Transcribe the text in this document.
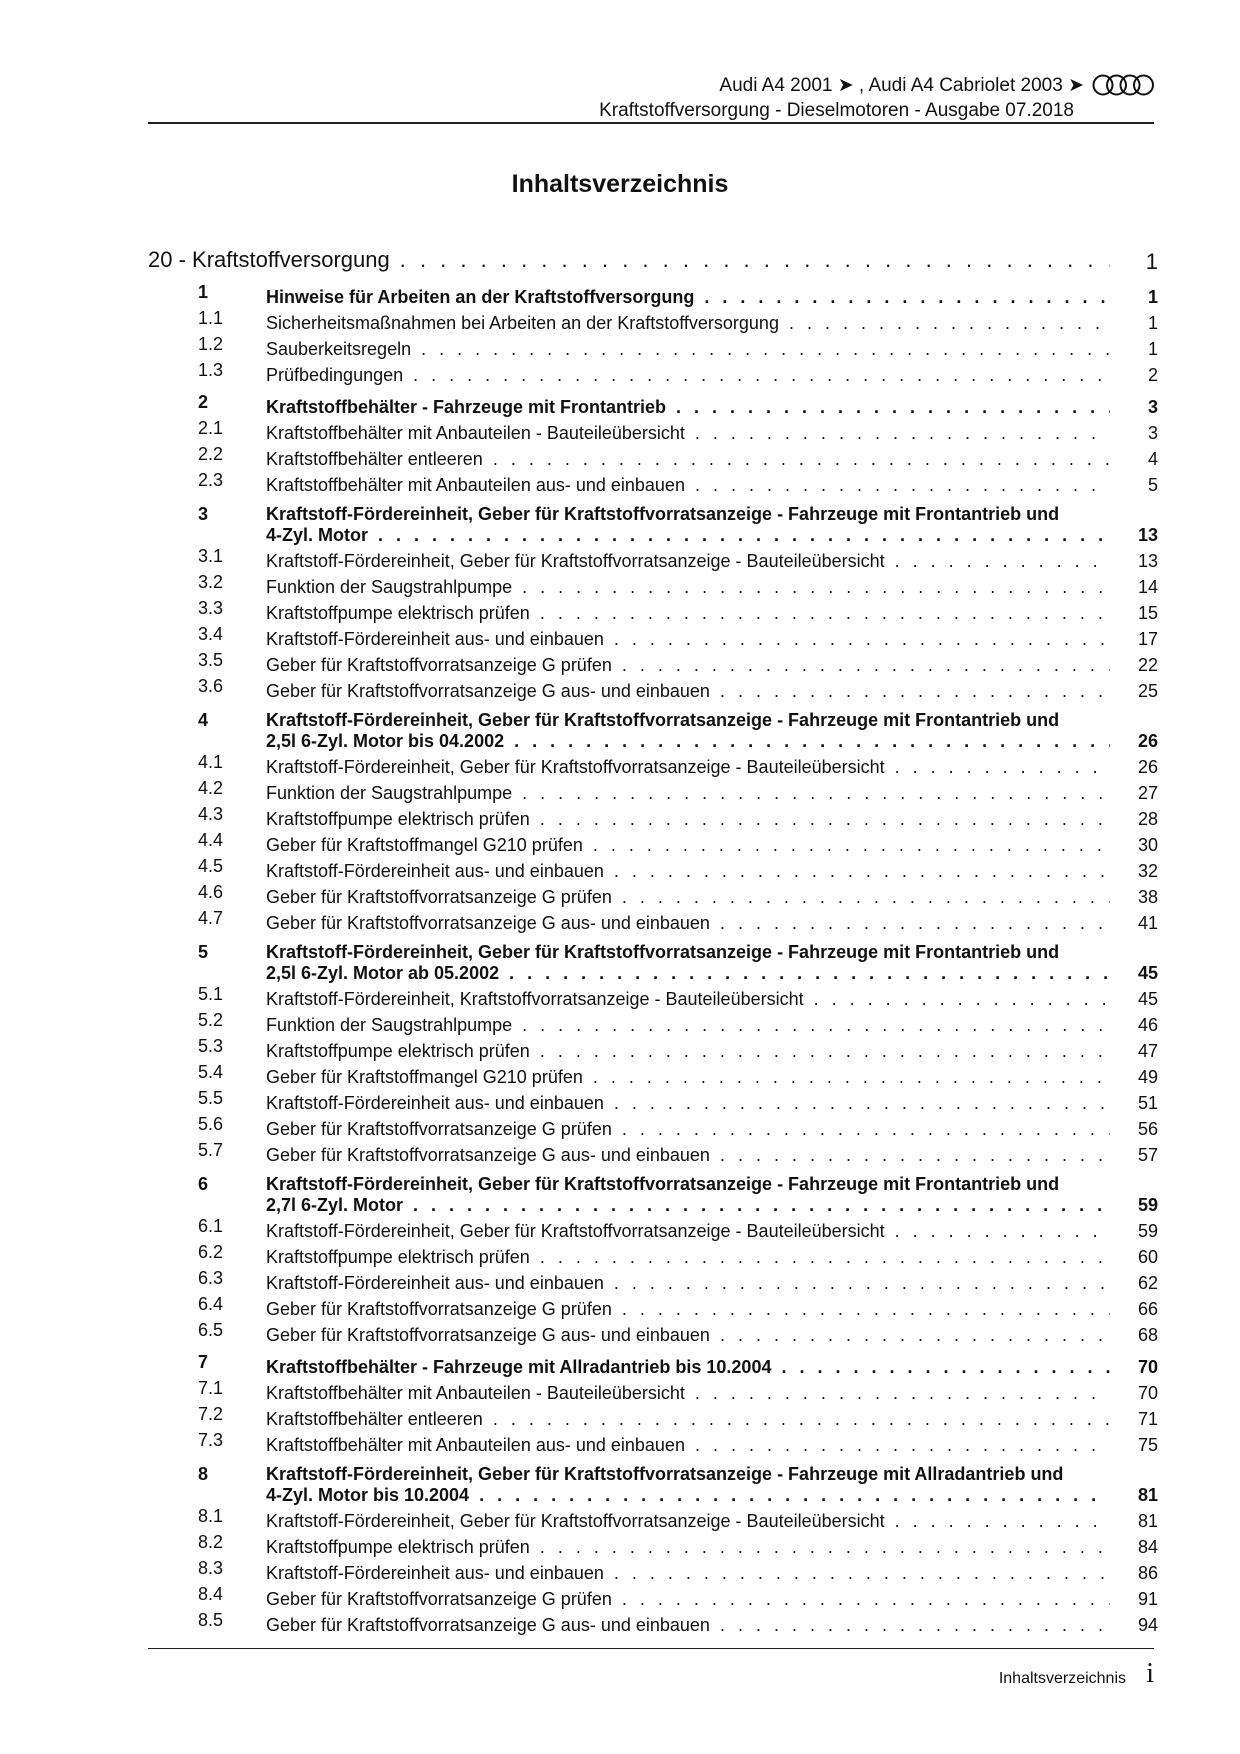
Audi A4 2001 ➤ , Audi A4 Cabriolet 2003 ➤
Kraftstoffversorgung - Dieselmotoren - Ausgabe 07.2018
Inhaltsverzeichnis
20 - Kraftstoffversorgung . . .	1
1	Hinweise für Arbeiten an der Kraftstoffversorgung . . .	1
1.1 Sicherheitsmaßnahmen bei Arbeiten an der Kraftstoffversorgung . . .	1
1.2 Sauberkeitsregeln . . .	1
1.3 Prüfbedingungen . . .	2
2	Kraftstoffbehälter - Fahrzeuge mit Frontantrieb . . .	3
2.1 Kraftstoffbehälter mit Anbauteilen - Bauteileübersicht . . .	3
2.2 Kraftstoffbehälter entleeren . . .	4
2.3 Kraftstoffbehälter mit Anbauteilen aus- und einbauen . . .	5
3	Kraftstoff-Fördereinheit, Geber für Kraftstoffvorratsanzeige - Fahrzeuge mit Frontantrieb und
4-Zyl. Motor . . .	13
3.1 Kraftstoff-Fördereinheit, Geber für Kraftstoffvorratsanzeige - Bauteileübersicht . . .	13
3.2 Funktion der Saugstrahlpumpe . . .	14
3.3 Kraftstoffpumpe elektrisch prüfen . . .	15
3.4 Kraftstoff-Fördereinheit aus- und einbauen . . .	17
3.5 Geber für Kraftstoffvorratsanzeige G prüfen . . .	22
3.6 Geber für Kraftstoffvorratsanzeige G aus- und einbauen . . .	25
4	Kraftstoff-Fördereinheit, Geber für Kraftstoffvorratsanzeige - Fahrzeuge mit Frontantrieb und
2,5l 6-Zyl. Motor bis 04.2002 . . .	26
4.1 Kraftstoff-Fördereinheit, Geber für Kraftstoffvorratsanzeige - Bauteileübersicht . . .	26
4.2 Funktion der Saugstrahlpumpe . . .	27
4.3 Kraftstoffpumpe elektrisch prüfen . . .	28
4.4 Geber für Kraftstoffmangel G210 prüfen . . .	30
4.5 Kraftstoff-Fördereinheit aus- und einbauen . . .	32
4.6 Geber für Kraftstoffvorratsanzeige G prüfen . . .	38
4.7 Geber für Kraftstoffvorratsanzeige G aus- und einbauen . . .	41
5	Kraftstoff-Fördereinheit, Geber für Kraftstoffvorratsanzeige - Fahrzeuge mit Frontantrieb und
2,5l 6-Zyl. Motor ab 05.2002 . . .	45
5.1 Kraftstoff-Fördereinheit, Kraftstoffvorratsanzeige - Bauteileübersicht . . .	45
5.2 Funktion der Saugstrahlpumpe . . .	46
5.3 Kraftstoffpumpe elektrisch prüfen . . .	47
5.4 Geber für Kraftstoffmangel G210 prüfen . . .	49
5.5 Kraftstoff-Fördereinheit aus- und einbauen . . .	51
5.6 Geber für Kraftstoffvorratsanzeige G prüfen . . .	56
5.7 Geber für Kraftstoffvorratsanzeige G aus- und einbauen . . .	57
6	Kraftstoff-Fördereinheit, Geber für Kraftstoffvorratsanzeige - Fahrzeuge mit Frontantrieb und
2,7l 6-Zyl. Motor . . .	59
6.1 Kraftstoff-Fördereinheit, Geber für Kraftstoffvorratsanzeige - Bauteileübersicht . . .	59
6.2 Kraftstoffpumpe elektrisch prüfen . . .	60
6.3 Kraftstoff-Fördereinheit aus- und einbauen . . .	62
6.4 Geber für Kraftstoffvorratsanzeige G prüfen . . .	66
6.5 Geber für Kraftstoffvorratsanzeige G aus- und einbauen . . .	68
7	Kraftstoffbehälter - Fahrzeuge mit Allradantrieb bis 10.2004 . . .	70
7.1 Kraftstoffbehälter mit Anbauteilen - Bauteileübersicht . . .	70
7.2 Kraftstoffbehälter entleeren . . .	71
7.3 Kraftstoffbehälter mit Anbauteilen aus- und einbauen . . .	75
8	Kraftstoff-Fördereinheit, Geber für Kraftstoffvorratsanzeige - Fahrzeuge mit Allradantrieb und
4-Zyl. Motor bis 10.2004 . . .	81
8.1 Kraftstoff-Fördereinheit, Geber für Kraftstoffvorratsanzeige - Bauteileübersicht . . .	81
8.2 Kraftstoffpumpe elektrisch prüfen . . .	84
8.3 Kraftstoff-Fördereinheit aus- und einbauen . . .	86
8.4 Geber für Kraftstoffvorratsanzeige G prüfen . . .	91
8.5 Geber für Kraftstoffvorratsanzeige G aus- und einbauen . . .	94
Inhaltsverzeichnis i
